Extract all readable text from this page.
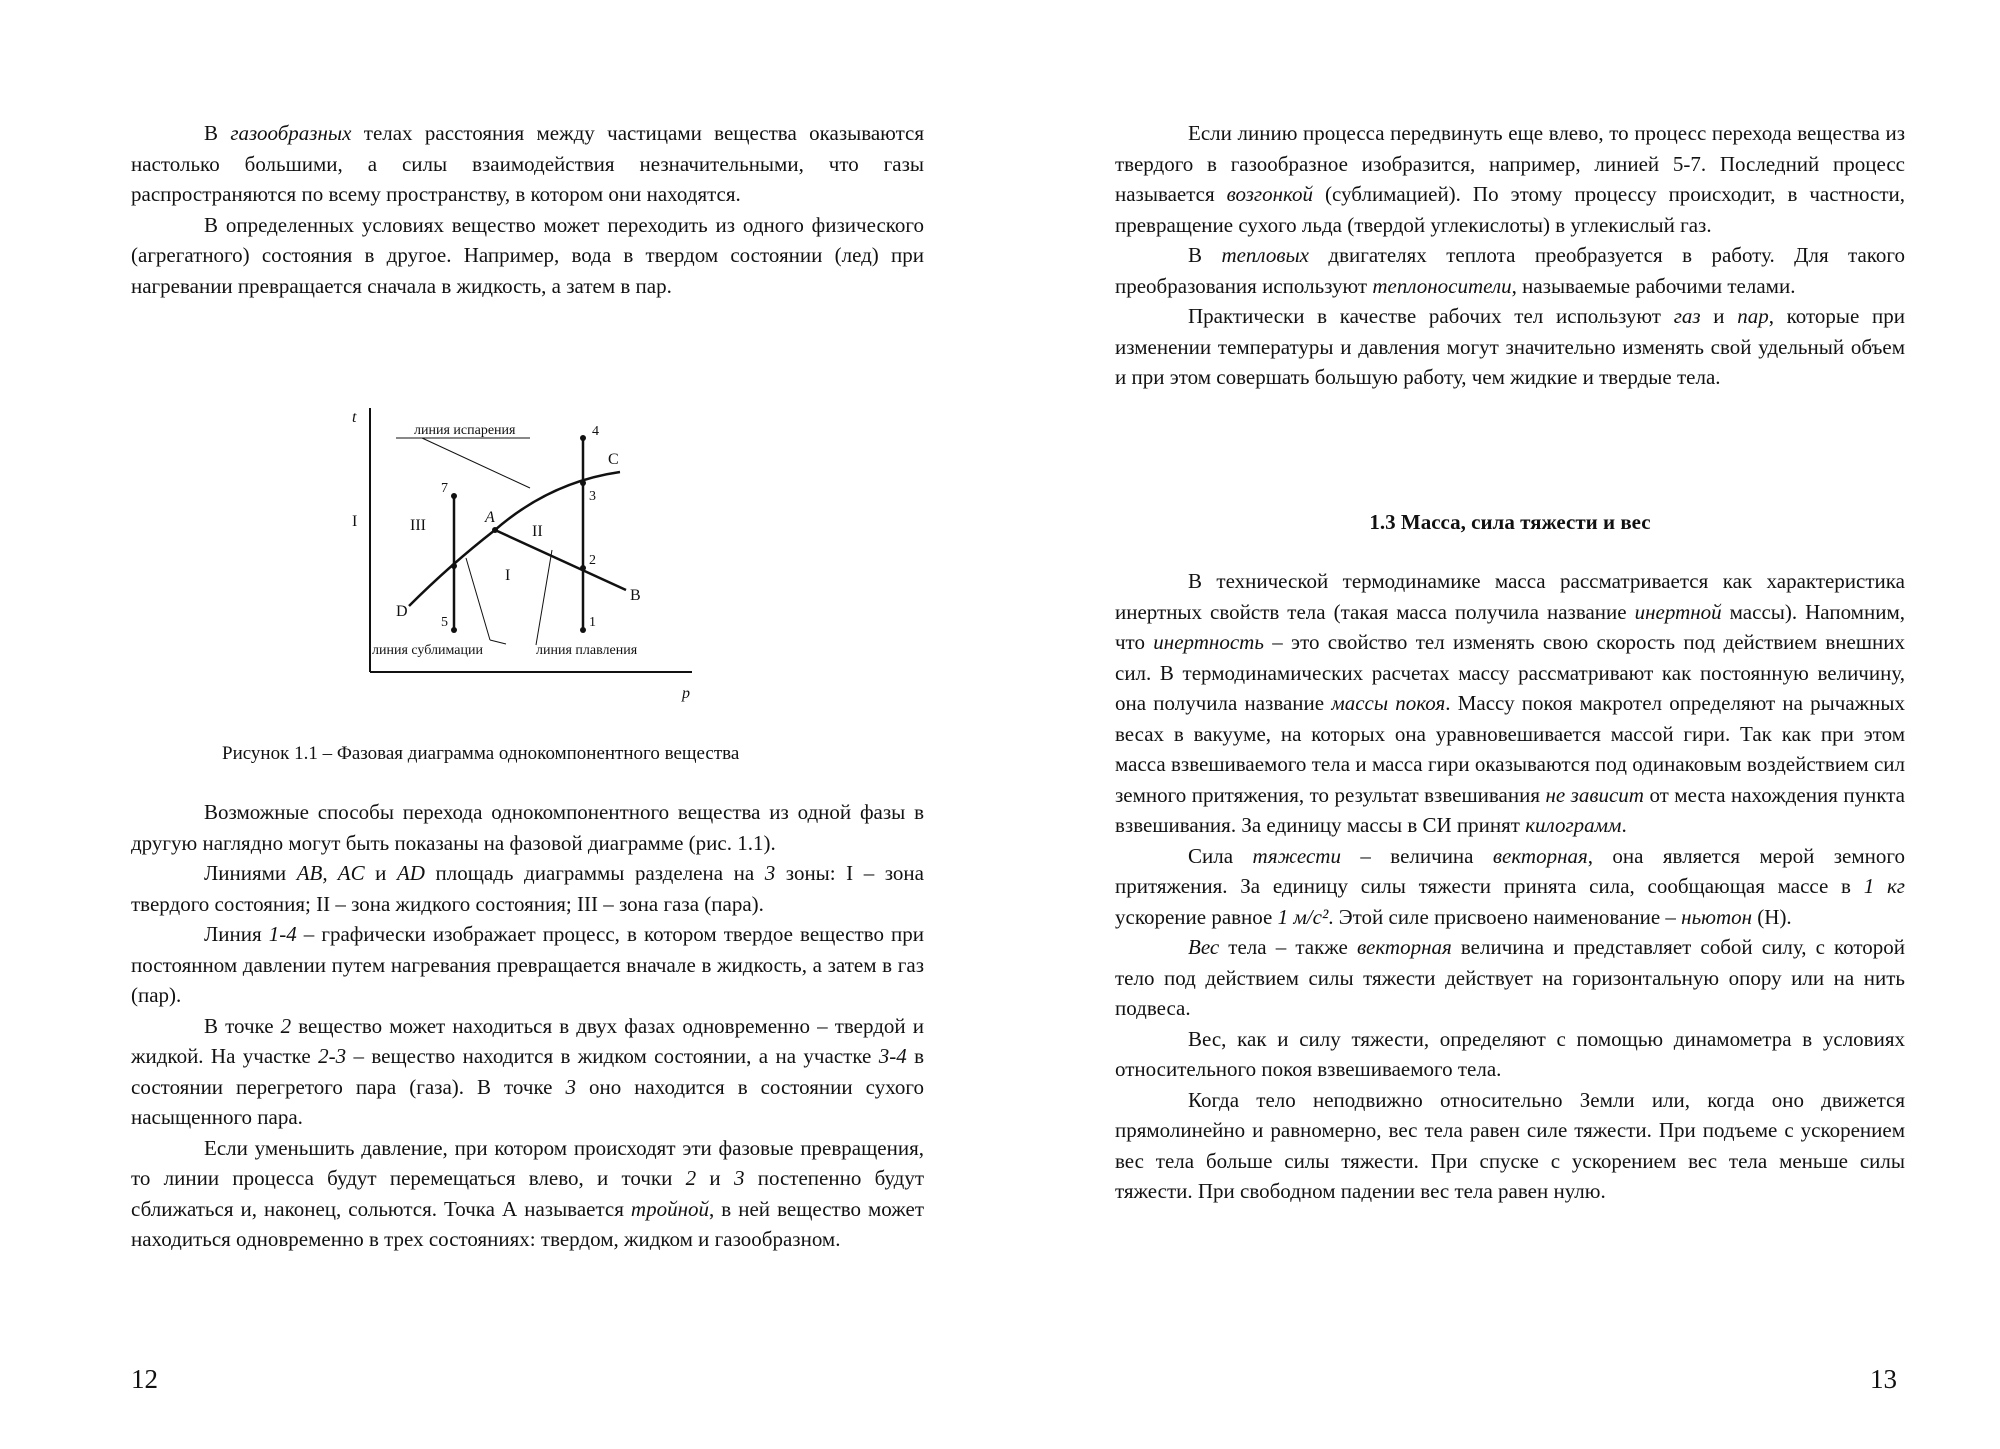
В газообразных телах расстояния между частицами вещества оказываются настолько большими, а силы взаимодействия незначительными, что газы распространяются по всему пространству, в котором они находятся.

В определенных условиях вещество может переходить из одного физического (агрегатного) состояния в другое. Например, вода в твердом состоянии (лед) при нагревании превращается сначала в жидкость, а затем в пар.

t
p
I
линия испарения
линия сублимации	линия плавления
III	II
I
A
B
C
D
4
3
2
1
7
5
Рисунок 1.1 – Фазовая диаграмма однокомпонентного вещества

Возможные способы перехода однокомпонентного вещества из одной фазы в другую наглядно могут быть показаны на фазовой диаграмме (рис. 1.1).

Линиями AB, AC и AD площадь диаграммы разделена на 3 зоны: I – зона твердого состояния; II – зона жидкого состояния; III – зона газа (пара).

Линия 1-4 – графически изображает процесс, в котором твердое вещество при постоянном давлении путем нагревания превращается вначале в жидкость, а затем в газ (пар).

В точке 2 вещество может находиться в двух фазах одновременно – твердой и жидкой. На участке 2-3 – вещество находится в жидком состоянии, а на участке 3-4 в состоянии перегретого пара (газа). В точке 3 оно находится в состоянии сухого насыщенного пара.

Если уменьшить давление, при котором происходят эти фазовые превращения, то линии процесса будут перемещаться влево, и точки 2 и 3 постепенно будут сближаться и, наконец, сольются. Точка А называется тройной, в ней вещество может находиться одновременно в трех состояниях: твердом, жидком и газообразном.

12

Если линию процесса передвинуть еще влево, то процесс перехода вещества из твердого в газообразное изобразится, например, линией 5-7. Последний процесс называется возгонкой (сублимацией). По этому процессу происходит, в частности, превращение сухого льда (твердой углекислоты) в углекислый газ.

В тепловых двигателях теплота преобразуется в работу. Для такого преобразования используют теплоносители, называемые рабочими телами.

Практически в качестве рабочих тел используют газ и пар, которые при изменении температуры и давления могут значительно изменять свой удельный объем и при этом совершать большую работу, чем жидкие и твердые тела.

1.3 Масса, сила тяжести и вес

В технической термодинамике масса рассматривается как характеристика инертных свойств тела (такая масса получила название инертной массы). Напомним, что инертность – это свойство тел изменять свою скорость под действием внешних сил. В термодинамических расчетах массу рассматривают как постоянную величину, она получила название массы покоя. Массу покоя макротел определяют на рычажных весах в вакууме, на которых она уравновешивается массой гири. Так как при этом масса взвешиваемого тела и масса гири оказываются под одинаковым воздействием сил земного притяжения, то результат взвешивания не зависит от места нахождения пункта взвешивания. За единицу массы в СИ принят килограмм.

Сила тяжести – величина векторная, она является мерой земного притяжения. За единицу силы тяжести принята сила, сообщающая массе в 1 кг ускорение равное 1 м/с². Этой силе присвоено наименование – ньютон (Н).

Вес тела – также векторная величина и представляет собой силу, с которой тело под действием силы тяжести действует на горизонтальную опору или на нить подвеса.

Вес, как и силу тяжести, определяют с помощью динамометра в условиях относительного покоя взвешиваемого тела.

Когда тело неподвижно относительно Земли или, когда оно движется прямолинейно и равномерно, вес тела равен силе тяжести. При подъеме с ускорением вес тела больше силы тяжести. При спуске с ускорением вес тела меньше силы тяжести. При свободном падении вес тела равен нулю.

13
